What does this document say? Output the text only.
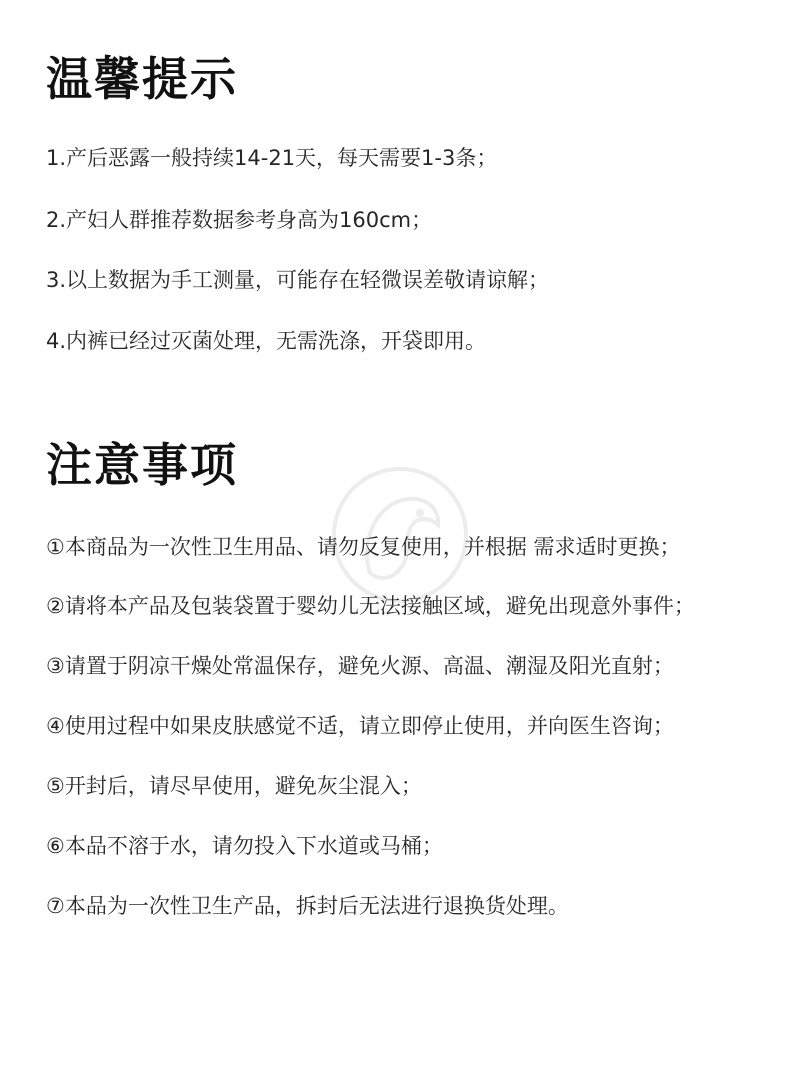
温馨提示
1.产后恶露一般持续14-21天，每天需要1-3条；
2.产妇人群推荐数据参考身高为160cm；
3.以上数据为手工测量，可能存在轻微误差敬请谅解；
4.内裤已经过灭菌处理，无需洗涤，开袋即用。
注意事项
①本商品为一次性卫生用品、请勿反复使用，并根据 需求适时更换；
②请将本产品及包装袋置于婴幼儿无法接触区域，避免出现意外事件；
③请置于阴凉干燥处常温保存，避免火源、高温、潮湿及阳光直射；
④使用过程中如果皮肤感觉不适，请立即停止使用，并向医生咨询；
⑤开封后，请尽早使用，避免灰尘混入；
⑥本品不溶于水，请勿投入下水道或马桶；
⑦本品为一次性卫生产品，拆封后无法进行退换货处理。
